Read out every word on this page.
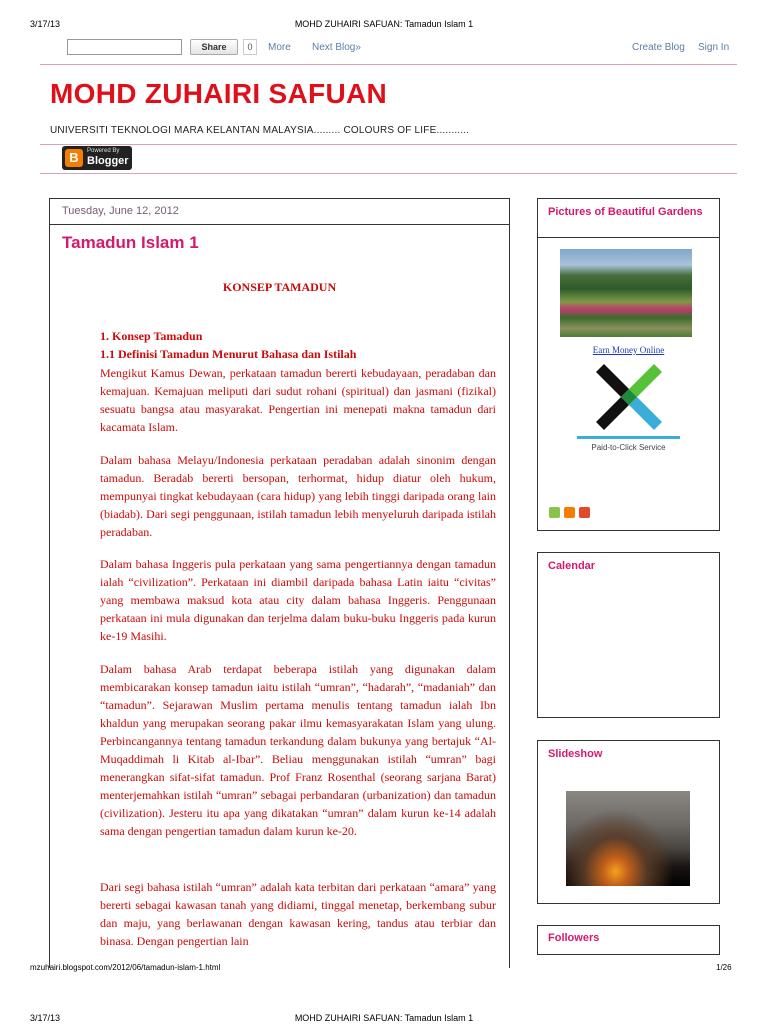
3/17/13	MOHD ZUHAIRI SAFUAN: Tamadun Islam 1
Share	0	More Next Blog»	Create Blog Sign In
MOHD ZUHAIRI SAFUAN
UNIVERSITI TEKNOLOGI MARA KELANTAN MALAYSIA......... COLOURS OF LIFE...........
B	Powered By
Blogger
Tuesday, June 12, 2012
Tamadun Islam 1
KONSEP TAMADUN
1. Konsep Tamadun
1.1 Definisi Tamadun Menurut Bahasa dan Istilah

Mengikut Kamus Dewan, perkataan tamadun bererti kebudayaan, peradaban dan kemajuan. Kemajuan meliputi dari sudut rohani (spiritual) dan jasmani (fizikal) sesuatu bangsa atau masyarakat. Pengertian ini menepati makna tamadun dari kacamata Islam.

Dalam bahasa Melayu/Indonesia perkataan peradaban adalah sinonim dengan tamadun. Beradab bererti bersopan, terhormat, hidup diatur oleh hukum, mempunyai tingkat kebudayaan (cara hidup) yang lebih tinggi daripada orang lain (biadab). Dari segi penggunaan, istilah tamadun lebih menyeluruh daripada istilah peradaban.

Dalam bahasa Inggeris pula perkataan yang sama pengertiannya dengan tamadun ialah “civilization”. Perkataan ini diambil daripada bahasa Latin iaitu “civitas” yang membawa maksud kota atau city dalam bahasa Inggeris. Penggunaan perkataan ini mula digunakan dan terjelma dalam buku-buku Inggeris pada kurun ke-19 Masihi.

Dalam bahasa Arab terdapat beberapa istilah yang digunakan dalam membicarakan konsep tamadun iaitu istilah “umran”, “hadarah”, “madaniah” dan “tamadun”. Sejarawan Muslim pertama menulis tentang tamadun ialah Ibn khaldun yang merupakan seorang pakar ilmu kemasyarakatan Islam yang ulung. Perbincangannya tentang tamadun terkandung dalam bukunya yang bertajuk “Al-Muqaddimah li Kitab al-Ibar”. Beliau menggunakan istilah “umran” bagi menerangkan sifat-sifat tamadun. Prof Franz Rosenthal (seorang sarjana Barat) menterjemahkan istilah “umran” sebagai perbandaran (urbanization) dan tamadun (civilization). Jesteru itu apa yang dikatakan “umran” dalam kurun ke-14 adalah sama dengan pengertian tamadun dalam kurun ke-20.

Dari segi bahasa istilah “umran” adalah kata terbitan dari perkataan “amara” yang bererti sebagai kawasan tanah yang didiami, tinggal menetap, berkembang subur dan maju, yang berlawanan dengan kawasan kering, tandus atau terbiar dan binasa. Dengan pengertian lain

Pictures of Beautiful Gardens
Earn Money Online
Paid-to-Click Service
Calendar
Slideshow
Followers
mzuhairi.blogspot.com/2012/06/tamadun-islam-1.html	1/26
3/17/13	MOHD ZUHAIRI SAFUAN: Tamadun Islam 1
